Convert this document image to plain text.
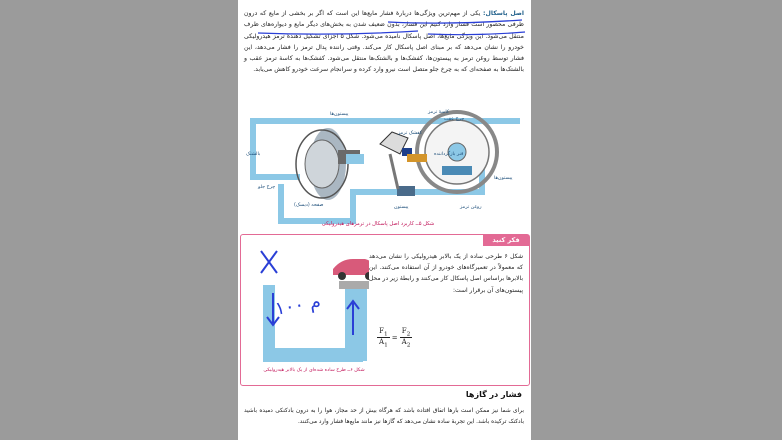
اصل پاسکال: یکی از مهم‌ترین ویژگی‌ها دربارهٔ فشار مایع‌ها این است که اگر بر بخشی از مایع که درون ظرفی محصور است فشار وارد کنیم این فشار، بدون ضعیف شدن به بخش‌های دیگر مایع و دیواره‌های ظرف منتقل می‌شود. این ویژگی مایع‌ها، اصل پاسکال نامیده می‌شود. شکل ۵ اجزای تشکیل دهندهٔ ترمز هیدرولیکی خودرو را نشان می‌دهد که بر مبنای اصل پاسکال کار می‌کند. وقتی راننده پدال ترمز را فشار می‌دهد، این فشار توسط روغن ترمز به پیستون‌ها، کفشک‌ها و بالشتک‌ها منتقل می‌شود. کفشک‌ها به کاسهٔ ترمز عقب و بالشتک‌ها به صفحه‌ای که به چرخ جلو متصل است نیرو وارد کرده و سرانجام سرعت خودرو کاهش می‌یابد.
پیستون‌ها	کاسهٔ ترمز
چرخ عقب
بالشتک
کفشک ترمز
فنر بازگرداننده
پیستون‌ها
چرخ جلو
صفحه (دیسک)	پیستون	روغن ترمز
شکل ۵ــ کاربرد اصل پاسکال در ترمزهای هیدرولیکی
فکر کنید
۱۰۰ م
شکل ۶ طرحی ساده از یک بالابر هیدرولیکی را نشان می‌دهد که معمولاً در تعمیرگاه‌های خودرو از آن استفاده می‌کنند. این بالابرها براساس اصل پاسکال کار می‌کنند و رابطهٔ زیر در محل پیستون‌های آن برقرار است:
$F_1$	=	$F_2$
$A_1$		$A_2$
شکل ۶ــ طرح ساده شده‌ای از یک بالابر هیدرولیکی
فشار در گازها
برای شما نیز ممکن است بارها اتفاق افتاده باشد که هرگاه بیش از حد مجاز، هوا را به درون بادکنکی دمیده باشید بادکنک ترکیده باشد. این تجربهٔ ساده نشان می‌دهد که گازها نیز مانند مایع‌ها فشار وارد می‌کنند.
